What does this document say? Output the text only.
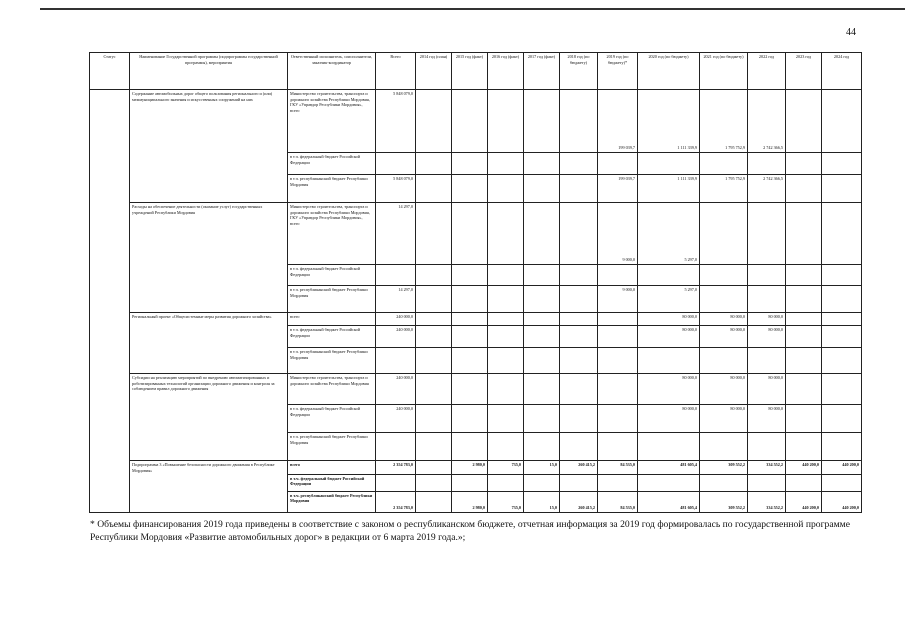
44
Статус	Наименование Государственной программы (подпрограммы государственной программы), мероприятия	Ответственный исполнитель, соисполнители, заказчик-координатор	Всего	2014 год (план)	2015 год (факт)	2016 год (факт)	2017 год (факт)	2018 год (по бюджету)	2019 год (по бюджету)*	2020 год (по бюджету)	2021 год (по бюджету)	2022 год	2023 год	2024 год
	Содержание автомобильных дорог общего пользования регионального и (или) межмуниципального значения и искусственных сооружений на них	Министерство строительства, транспорта и дорожного хозяйства Республики Мордовия, ГКУ «Управдор Республики Мордовия», всего	5 848 079,0						199 039,7	1 111 339,9	1 795 752,9	2 742 366,5		
		в т.ч. федеральный бюджет Российской Федерации												
		в т.ч. республиканский бюджет Республики Мордовия	5 848 079,0						199 039,7	1 111 339,9	1 795 752,9	2 742 366,5		
	Расходы на обеспечение деятельности (оказание услуг) государственных учреждений Республики Мордовия	Министерство строительства, транспорта и дорожного хозяйства Республики Мордовия, ГКУ «Управдор Республики Мордовия», всего	14 297,0						9 000,0	5 297,0				
		в т.ч. федеральный бюджет Российской Федерации												
		в т.ч. республиканский бюджет Республики Мордовия	14 297,0						9 000,0	5 297,0				
	Региональный проект «Общесистемные меры развития дорожного хозяйства»	всего	240 000,0							80 000,0	80 000,0	80 000,0		
		в т.ч. федеральный бюджет Российской Федерации	240 000,0							80 000,0	80 000,0	80 000,0		
		в т.ч. республиканский бюджет Республики Мордовия												
	Субсидии на реализацию мероприятий по внедрению автоматизированных и роботизированных технологий организации дорожного движения и контроля за соблюдением правил дорожного движения	Министерство строительства, транспорта и дорожного хозяйства Республики Мордовия	240 000,0							80 000,0	80 000,0	80 000,0		
		в т.ч. федеральный бюджет Российской Федерации	240 000,0							80 000,0	80 000,0	80 000,0		
		в т.ч. республиканский бюджет Республики Мордовия												
	Подпрограмма 3 «Повышение безопасности дорожного движения в Республике Мордовия»	всего	2 354 783,0		2 980,0	735,0	15,0	260 415,2	84 535,0	481 605,4	309 552,2	334 552,2	440 200,0	440 200,0
		в т.ч. федеральный бюджет Российской Федерации												
		в т.ч. республиканский бюджет Республики Мордовия	2 354 783,0		2 980,0	735,0	15,0	260 415,2	84 535,0	481 605,4	309 552,2	334 552,2	440 200,0	440 200,0
* Объемы финансирования 2019 года приведены в соответствие с законом о республиканском бюджете, отчетная информация за 2019 год формировалась по государственной программе Республики Мордовия «Развитие автомобильных дорог» в редакции от 6 марта 2019 года.»;
